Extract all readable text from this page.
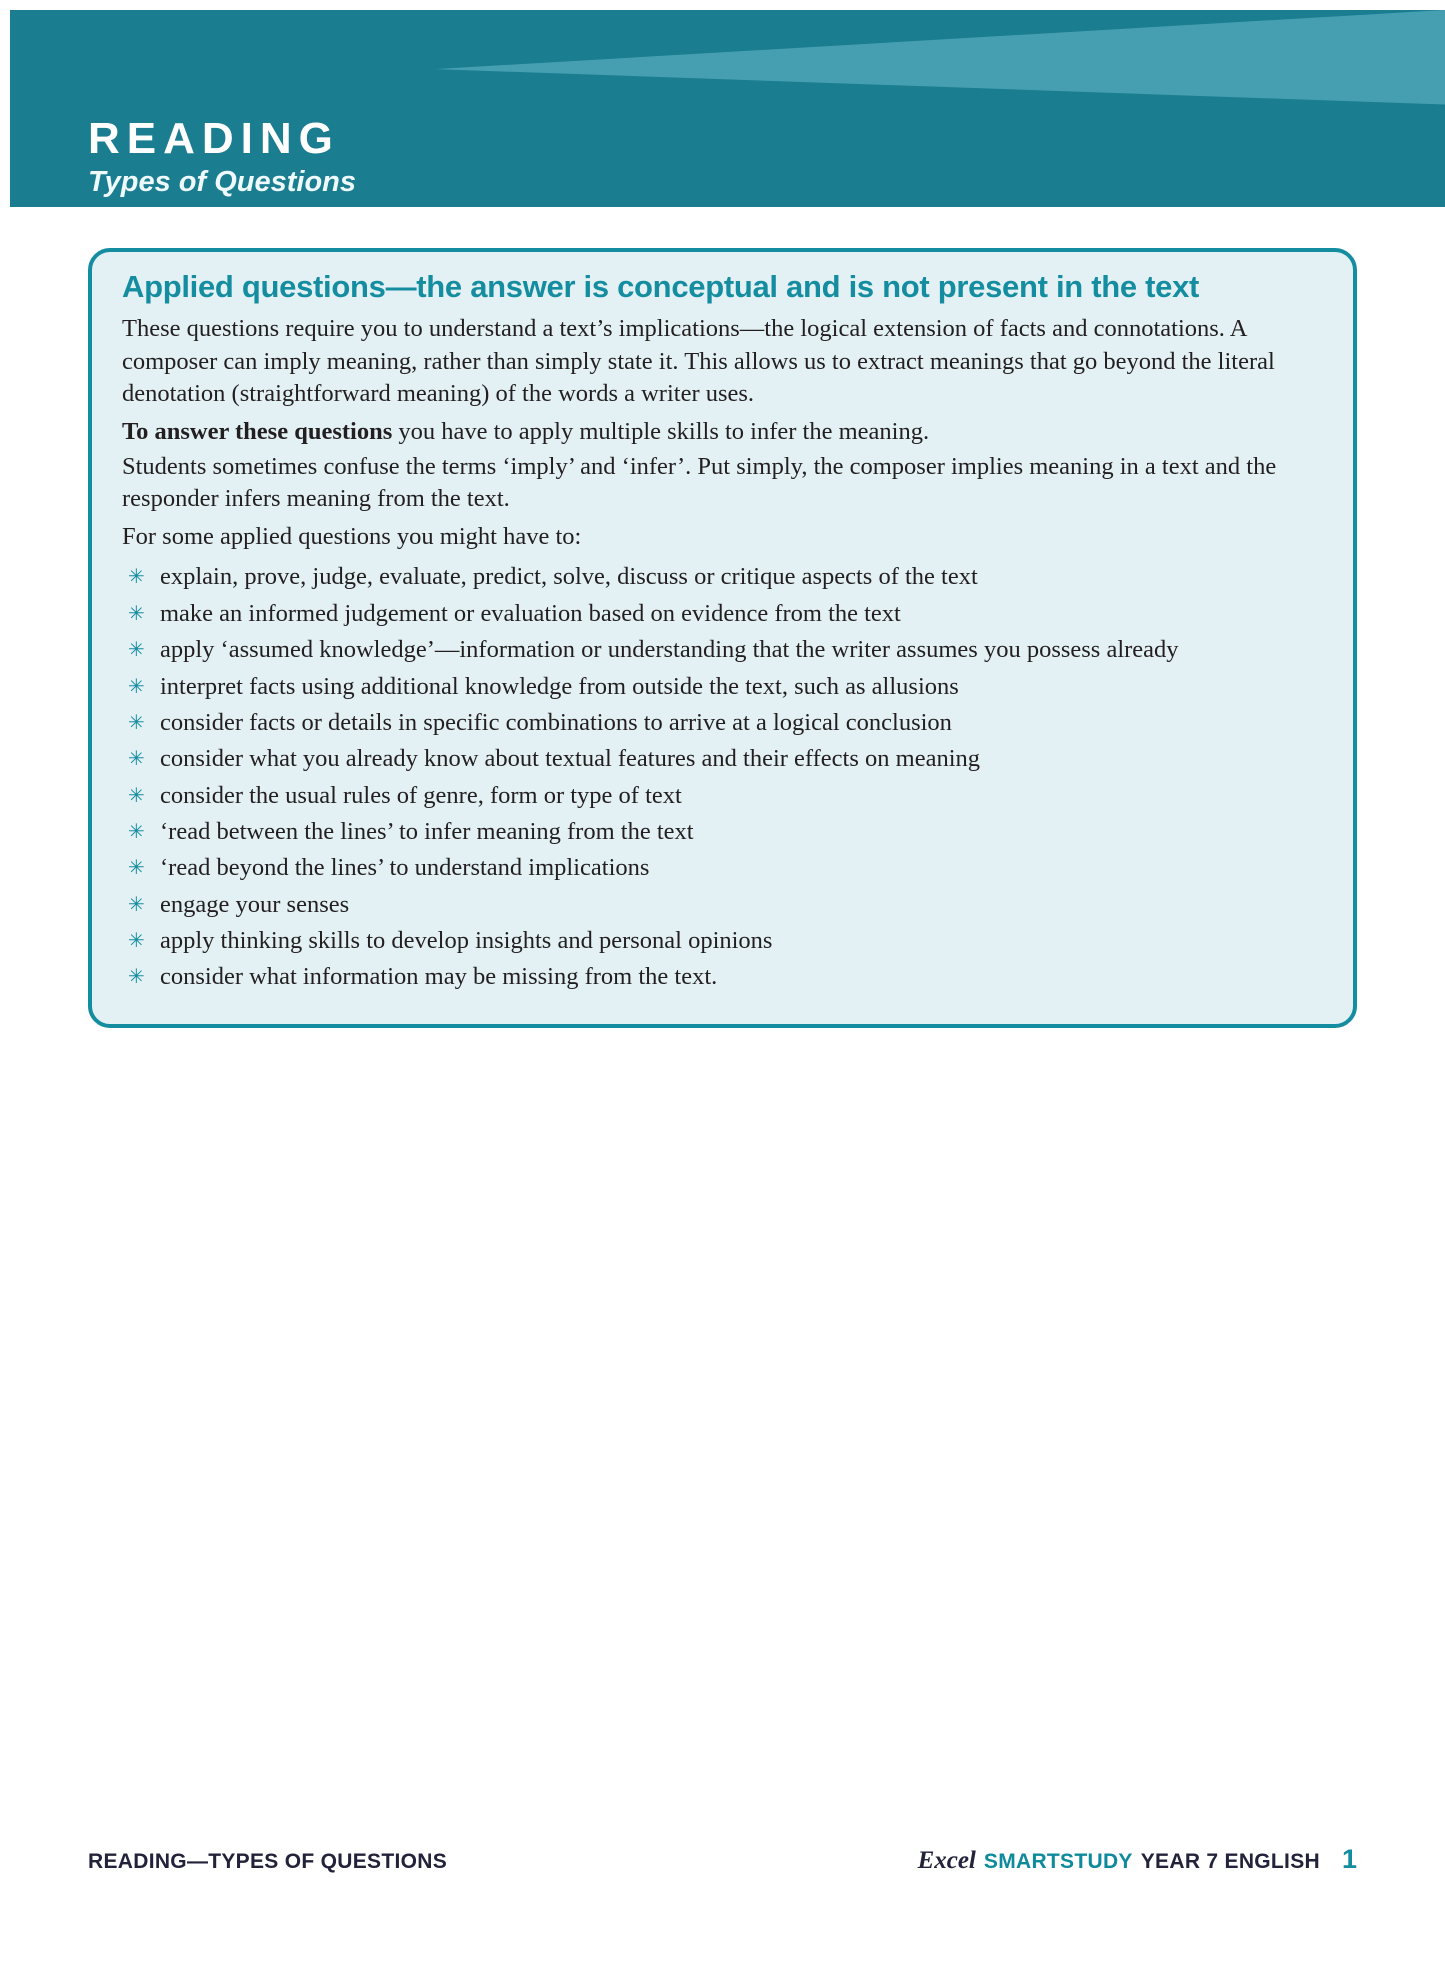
READING
Types of Questions
Applied questions—the answer is conceptual and is not present in the text

These questions require you to understand a text’s implications—the logical extension of facts and connotations. A composer can imply meaning, rather than simply state it. This allows us to extract meanings that go beyond the literal denotation (straightforward meaning) of the words a writer uses.

To answer these questions you have to apply multiple skills to infer the meaning.

Students sometimes confuse the terms ‘imply’ and ‘infer’. Put simply, the composer implies meaning in a text and the responder infers meaning from the text.

For some applied questions you might have to:

✳ explain, prove, judge, evaluate, predict, solve, discuss or critique aspects of the text
✳ make an informed judgement or evaluation based on evidence from the text
✳ apply ‘assumed knowledge’—information or understanding that the writer assumes you possess already
✳ interpret facts using additional knowledge from outside the text, such as allusions
✳ consider facts or details in specific combinations to arrive at a logical conclusion
✳ consider what you already know about textual features and their effects on meaning
✳ consider the usual rules of genre, form or type of text
✳ ‘read between the lines’ to infer meaning from the text
✳ ‘read beyond the lines’ to understand implications
✳ engage your senses
✳ apply thinking skills to develop insights and personal opinions
✳ consider what information may be missing from the text.
READING—TYPES OF QUESTIONS	Excel SMARTSTUDY YEAR 7 ENGLISH 1
